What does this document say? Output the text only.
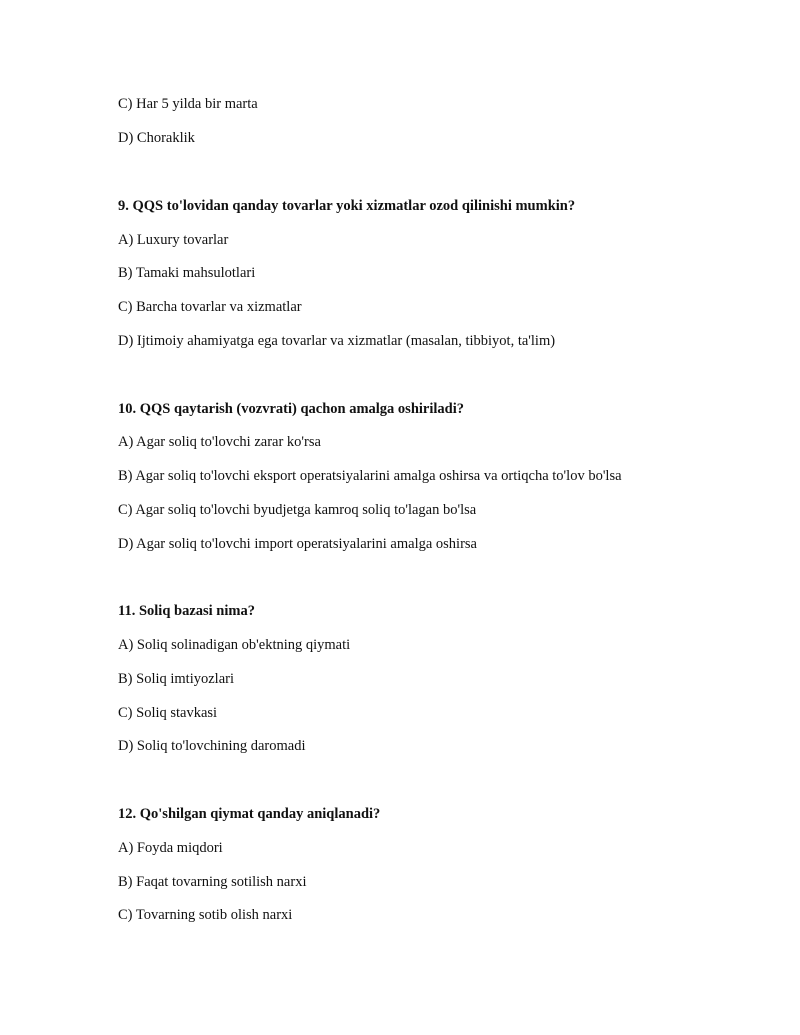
C) Har 5 yilda bir marta
D) Choraklik
9. QQS to'lovidan qanday tovarlar yoki xizmatlar ozod qilinishi mumkin?
A) Luxury tovarlar
B) Tamaki mahsulotlari
C) Barcha tovarlar va xizmatlar
D) Ijtimoiy ahamiyatga ega tovarlar va xizmatlar (masalan, tibbiyot, ta'lim)
10. QQS qaytarish (vozvrati) qachon amalga oshiriladi?
A) Agar soliq to'lovchi zarar ko'rsa
B) Agar soliq to'lovchi eksport operatsiyalarini amalga oshirsa va ortiqcha to'lov bo'lsa
C) Agar soliq to'lovchi byudjetga kamroq soliq to'lagan bo'lsa
D) Agar soliq to'lovchi import operatsiyalarini amalga oshirsa
11. Soliq bazasi nima?
A) Soliq solinadigan ob'ektning qiymati
B) Soliq imtiyozlari
C) Soliq stavkasi
D) Soliq to'lovchining daromadi
12. Qo'shilgan qiymat qanday aniqlanadi?
A) Foyda miqdori
B) Faqat tovarning sotilish narxi
C) Tovarning sotib olish narxi
